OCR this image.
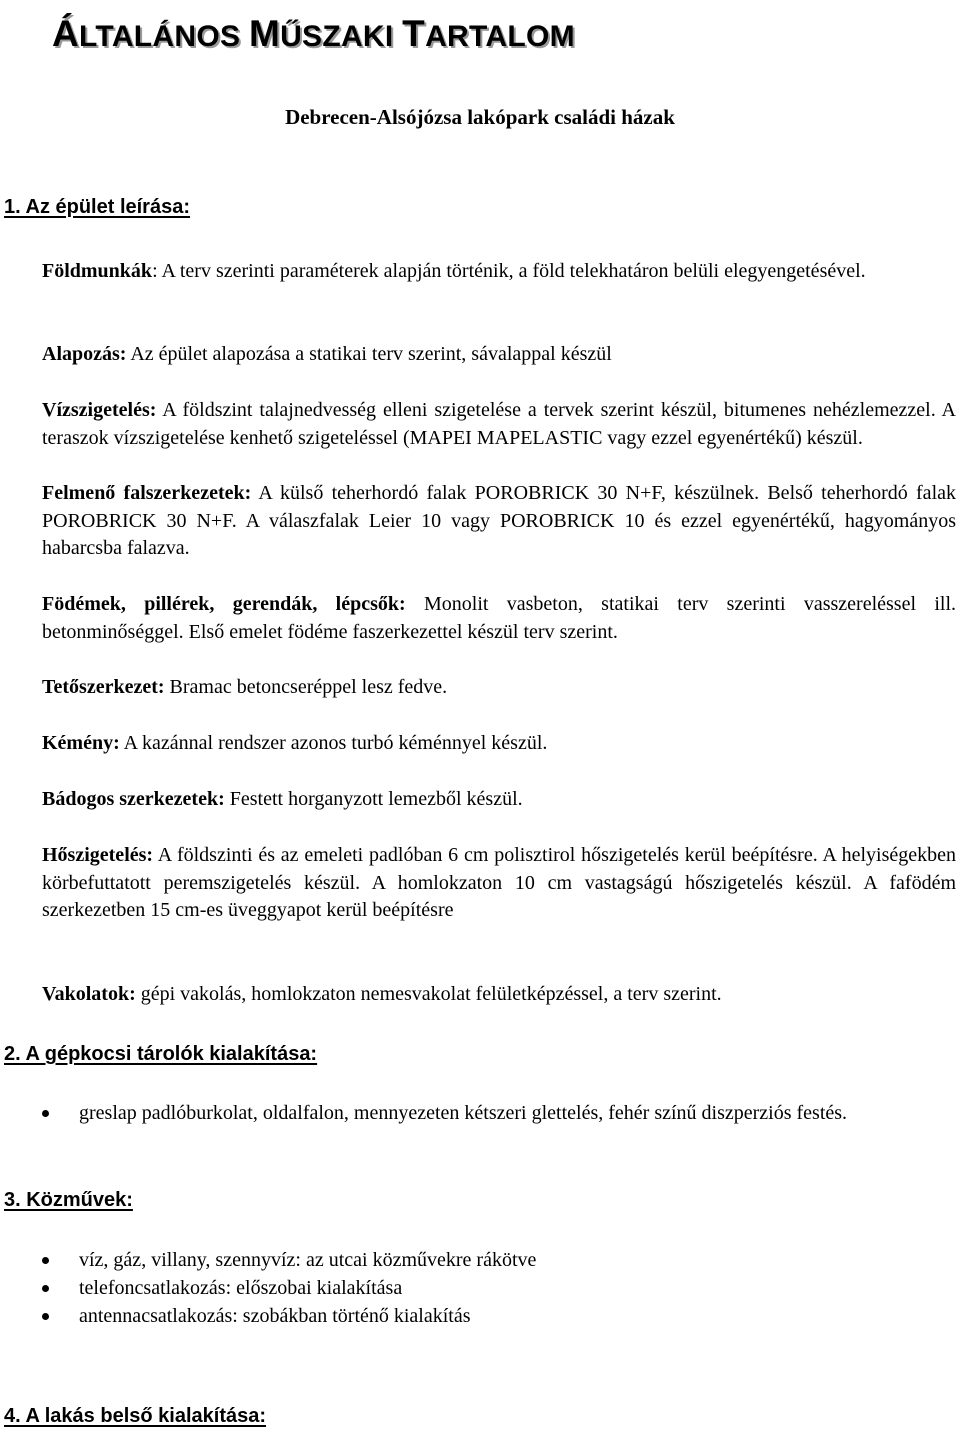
ÁLTALÁNOS MŰSZAKI TARTALOM
Debrecen-Alsójózsa lakópark családi házak
1. Az épület leírása:

Földmunkák: A terv szerinti paraméterek alapján történik, a föld telekhatáron belüli elegyengetésével.

Alapozás: Az épület alapozása a statikai terv szerint, sávalappal készül

Vízszigetelés: A földszint talajnedvesség elleni szigetelése a tervek szerint készül, bitumenes nehézlemezzel. A teraszok vízszigetelése kenhető szigeteléssel (MAPEI MAPELASTIC vagy ezzel egyenértékű) készül.

Felmenő falszerkezetek: A külső teherhordó falak POROBRICK 30 N+F, készülnek. Belső teherhordó falak POROBRICK 30 N+F. A válaszfalak Leier 10 vagy POROBRICK 10 és ezzel egyenértékű, hagyományos habarcsba falazva.

Födémek, pillérek, gerendák, lépcsők: Monolit vasbeton, statikai terv szerinti vasszereléssel ill. betonminőséggel. Első emelet födéme faszerkezettel készül terv szerint.

Tetőszerkezet: Bramac betoncseréppel lesz fedve.

Kémény: A kazánnal rendszer azonos turbó kéménnyel készül.

Bádogos szerkezetek: Festett horganyzott lemezből készül.

Hőszigetelés: A földszinti és az emeleti padlóban 6 cm polisztirol hőszigetelés kerül beépítésre. A helyiségekben körbefuttatott peremszigetelés készül. A homlokzaton 10 cm vastagságú hőszigetelés készül. A fafödém szerkezetben 15 cm-es üveggyapot kerül beépítésre

Vakolatok: gépi vakolás, homlokzaton nemesvakolat felületképzéssel, a terv szerint.

2. A gépkocsi tárolók kialakítása:
greslap padlóburkolat, oldalfalon, mennyezeten kétszeri glettelés, fehér színű diszperziós festés.
3. Közművek:
víz, gáz, villany, szennyvíz: az utcai közművekre rákötve
telefoncsatlakozás: előszobai kialakítása
antennacsatlakozás: szobákban történő kialakítás
4. A lakás belső kialakítása:
